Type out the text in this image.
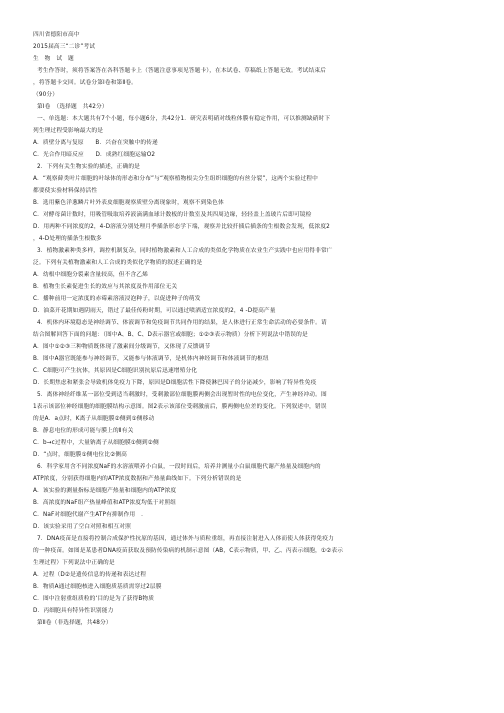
四川省德阳市高中
2015届高三“二诊”考试
生　物　试　题
考生作答时，须将答案答在各科答题卡上（答题注意事项见答题卡），在本试卷、草稿纸上答题无效。考试结束后
，将答题卡交回。试卷分第Ⅰ卷和第Ⅱ卷。
（90分）
第Ⅰ卷　（选择题　共42分）
一、单选题：本大题共有7个小题，每小题6分，共42分1．研究表明硝对线粒体膜有稳定作用，可以推测缺硝时下
列生理过程受影响最大的是
A．质壁分离与复原　　B．兴奋在突触中的传递
C．光合作用暗反应　　D．成熟红细胞运输O2
2．下列有关生物实验的描述，正确的是
A．“观察藓类叶片细胞的叶绿体的形态和分布”与“观察植物根尖分生组织细胞的有丝分裂”，这两个实验过程中
都要使实验材料保持活性
B．选用紫色洋葱鳞片叶外表皮细胞观察质壁分离现象时，观察不到染色体
C．对酵母菌计数时，用吸管吸取培养液滴满血球计数板的计数室及其四周边缘，轻轻盖上盖玻片后即可镜检
D．用两种不同浓度的2，4-D溶液分别处理月季插条形态学下端，观察并比较扦插后插条的生根数会发现，低浓度2
，4-D处理的插条生根数多
3．植物激素种类多样，调控机制复杂，同时植物激素和人工合成的类似化学物质在农业生产实践中也应用得非常广
泛。下列有关植物激素和人工合成的类似化学物质的叙述正确的是
A．幼根中细胞分裂素含量较高，但不含乙烯
B．植物生长素促进生长的效应与其浓度及作用部位无关
C．播种前用一定浓度的赤霉素溶液浸泡种子，以促进种子的萌发
D．油菜开花期如遇阴雨天，错过了最佳传粉时期，可以通过喷洒适宜浓度的2，4 -D提高产量
4．机体内环境稳态是神经调节、体液调节和免疫调节共同作用的结果，是人体进行正常生命活动的必要条件。请
结合图解回答下面的问题：（图中A、B、C、D表示器官或细胞；①②③表示物质）分析下列说法中错误的是
A．图中①②③三种物质既体现了激素间分级调节，又体现了反馈调节
B．图中A器官既能参与神经调节，又能参与体液调节，是机体内神经调节和体液调节的枢纽
C．C细胞可产生抗体，其原因是C细胞识别抗原后迅速增殖分化
D．长期焦虑和紧张会导致机体免疫力下降，原因是D细胞活性下降使淋巴因子的分泌减少，影响了特异性免疫
5．离体神经纤维某一部位受到适当刺激时，受刺激部位细胞膜两侧会出现暂时性的电位变化，产生神经冲动。图
1表示该部位神经细胞的细胞膜结构示意图。图2表示该部位受刺激前后，膜两侧电位差的变化。下列叙述中，错误
的是A．a点时，K离子从细胞膜②侧到①侧移动
B．静息电位的形成可能与膜上的Ⅱ有关
C．b→c过程中，大量钠离子从细胞膜①侧到②侧
D．“点时，细胞膜①侧电位比②侧高
6．科学家用含不同浓度NaF的水溶液喂养小白鼠，一段时间后，培养并测量小白鼠细胞代谢产热量及细胞内的
ATP浓度，分别获得细胞内的ATP浓度数据和产热量曲线如下。下列分析错误的是
A．该实验的测量指标是细胞产热量和细胞内的ATP浓度
B．高浓度的NaF组产热量峰值和ATP浓度均低于对照组
C．NaF对细胞代谢产生ATP有抑制作用　．
D．该实验采用了空白对照和相互对照
7．DNA疫苗是直接将控制合成保护性抗原的基因，通过体外与质粒重组，再直接注射进入人体而使人体获得免疫力
的一种疫苗。如图是某患者DNA疫苗获取及预防传染病的机制示意图（AB，C表示物质，甲、乙、丙表示细胞，①②表示
生理过程）下列说法中正确的是
A．过程（D②是遗传信息的传递和表达过程
B．物质A通过细胞核进入细胞质基质需穿过2层膜
C．图中注射重组质粒的‘目的是为了获得B物质
D．丙细胞具有特异性识别能力
第Ⅱ卷（非选择题，共48分）
